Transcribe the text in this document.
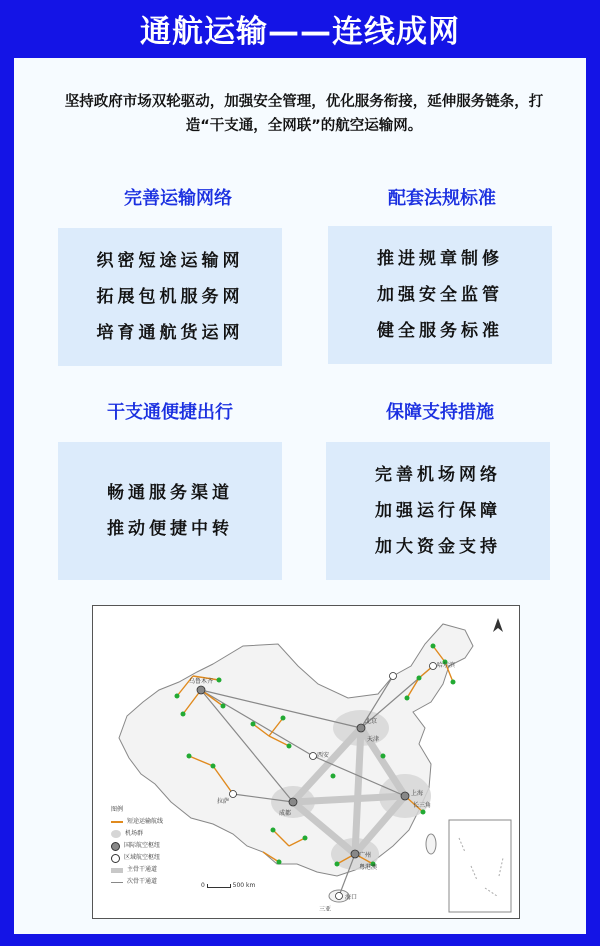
通航运输——连线成网
坚持政府市场双轮驱动，加强安全管理，优化服务衔接，延伸服务链条，打造“干支通，全网联”的航空运输网。
完善运输网络
织密短途运输网
拓展包机服务网
培育通航货运网
配套法规标准
推进规章制修
加强安全监管
健全服务标准
干支通便捷出行
畅通服务渠道
推动便捷中转
保障支持措施
完善机场网络
加强运行保障
加大资金支持
乌鲁木齐
北京
天津
上海
长三角
成都
西安
广州
粤港澳
海口
三亚
拉萨
哈尔滨
图例
短途运输航线
机场群
国际航空枢纽
区域航空枢纽
主骨干通道
次骨干通道
0	500 km
